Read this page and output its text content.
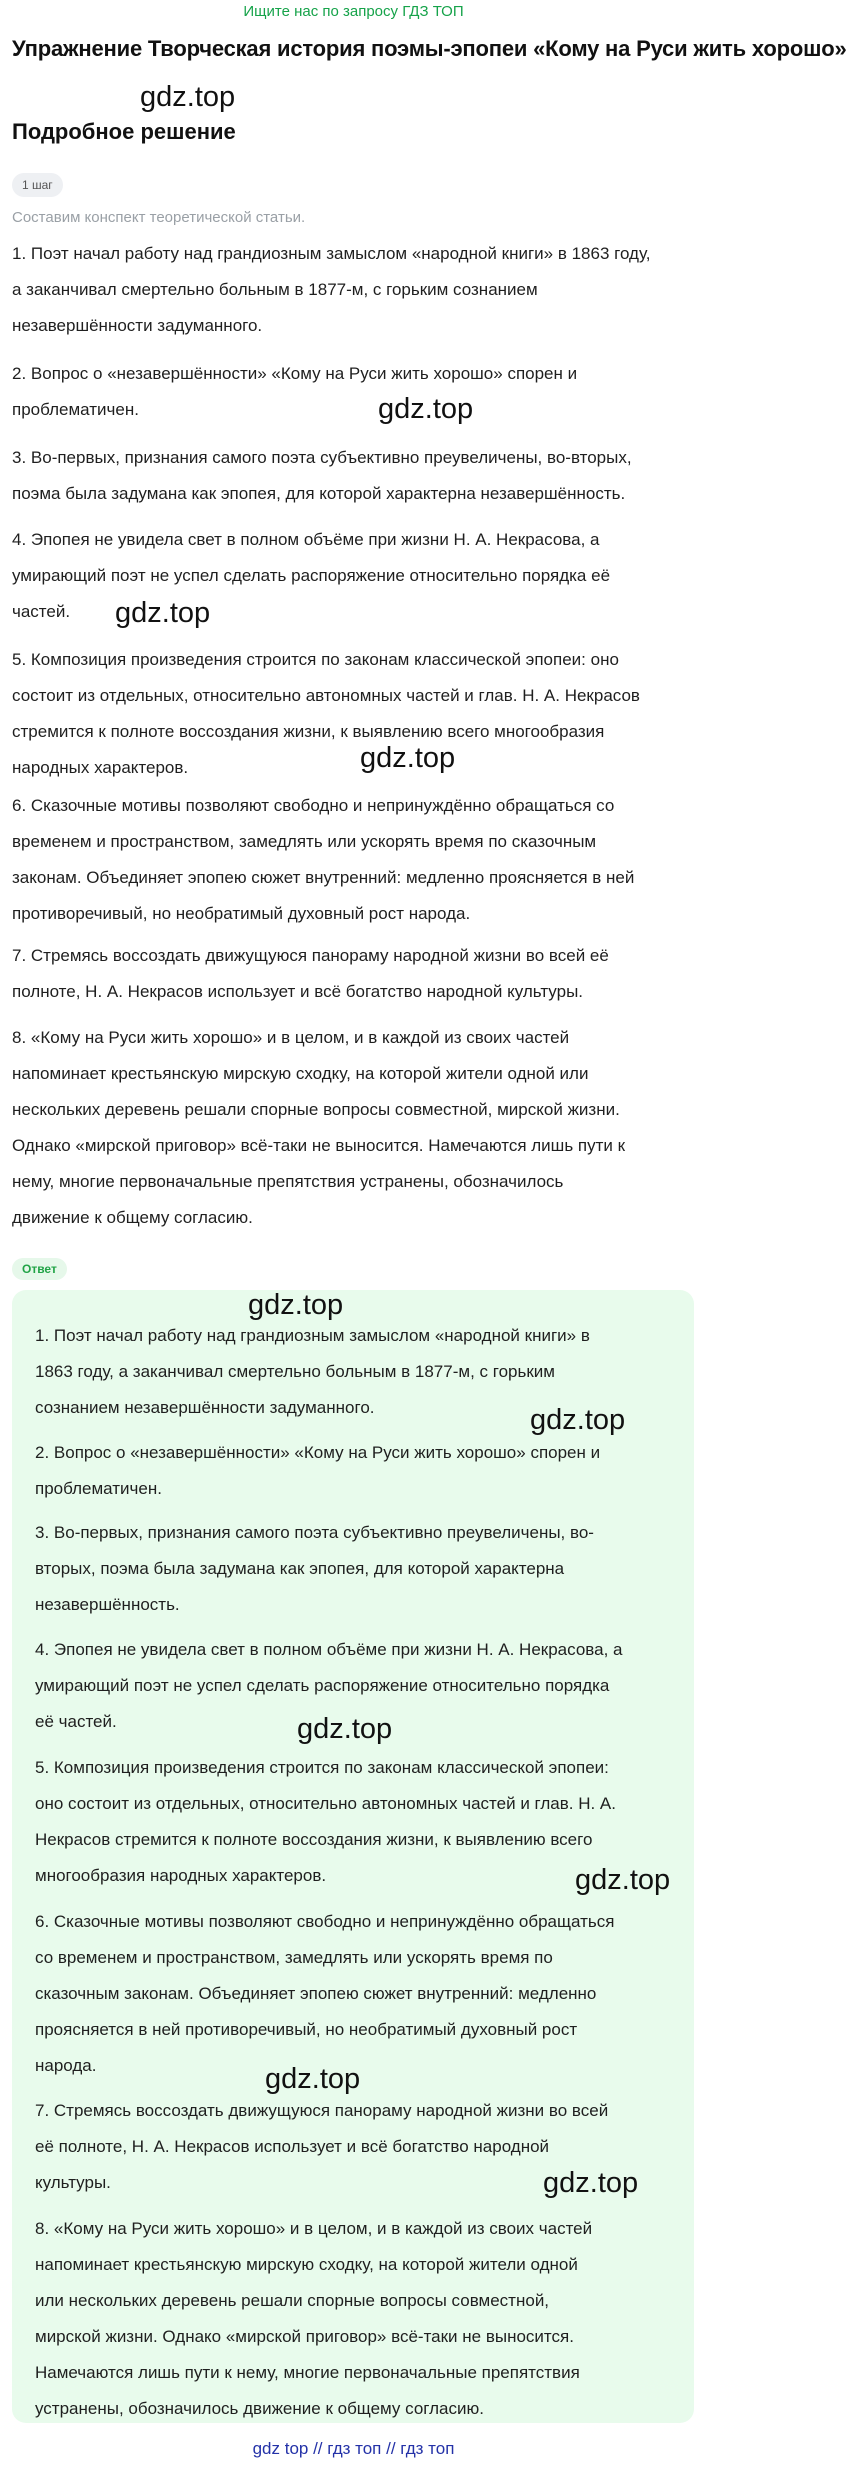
Ищите нас по запросу ГДЗ ТОП
Упражнение Творческая история поэмы-эпопеи «Кому на Руси жить хорошо»
gdz.top
Подробное решение
1 шаг
Составим конспект теоретической статьи.
1. Поэт начал работу над грандиозным замыслом «народной книги» в 1863 году,
а заканчивал смертельно больным в 1877-м, с горьким сознанием
незавершённости задуманного.
2. Вопрос о «незавершённости» «Кому на Руси жить хорошо» спорен и
проблематичен.	gdz.top
3. Во-первых, признания самого поэта субъективно преувеличены, во-вторых,
поэма была задумана как эпопея, для которой характерна незавершённость.
4. Эпопея не увидела свет в полном объёме при жизни Н. А. Некрасова, а
умирающий поэт не успел сделать распоряжение относительно порядка её
частей.	gdz.top
5. Композиция произведения строится по законам классической эпопеи: оно
состоит из отдельных, относительно автономных частей и глав. Н. А. Некрасов
стремится к полноте воссоздания жизни, к выявлению всего многообразия
народных характеров.	gdz.top
6. Сказочные мотивы позволяют свободно и непринуждённо обращаться со
временем и пространством, замедлять или ускорять время по сказочным
законам. Объединяет эпопею сюжет внутренний: медленно проясняется в ней
противоречивый, но необратимый духовный рост народа.
7. Стремясь воссоздать движущуюся панораму народной жизни во всей её
полноте, Н. А. Некрасов использует и всё богатство народной культуры.
8. «Кому на Руси жить хорошо» и в целом, и в каждой из своих частей
напоминает крестьянскую мирскую сходку, на которой жители одной или
нескольких деревень решали спорные вопросы совместной, мирской жизни.
Однако «мирской приговор» всё-таки не выносится. Намечаются лишь пути к
нему, многие первоначальные препятствия устранены, обозначилось
движение к общему согласию.
Ответ
gdz.top
1. Поэт начал работу над грандиозным замыслом «народной книги» в
1863 году, а заканчивал смертельно больным в 1877-м, с горьким
сознанием незавершённости задуманного.	gdz.top
2. Вопрос о «незавершённости» «Кому на Руси жить хорошо» спорен и
проблематичен.
3. Во-первых, признания самого поэта субъективно преувеличены, во-
вторых, поэма была задумана как эпопея, для которой характерна
незавершённость.
4. Эпопея не увидела свет в полном объёме при жизни Н. А. Некрасова, а
умирающий поэт не успел сделать распоряжение относительно порядка
её частей.	gdz.top
5. Композиция произведения строится по законам классической эпопеи:
оно состоит из отдельных, относительно автономных частей и глав. Н. А.
Некрасов стремится к полноте воссоздания жизни, к выявлению всего
многообразия народных характеров.	gdz.top
6. Сказочные мотивы позволяют свободно и непринуждённо обращаться
со временем и пространством, замедлять или ускорять время по
сказочным законам. Объединяет эпопею сюжет внутренний: медленно
проясняется в ней противоречивый, но необратимый духовный рост
народа.	gdz.top
7. Стремясь воссоздать движущуюся панораму народной жизни во всей
её полноте, Н. А. Некрасов использует и всё богатство народной
культуры.	gdz.top
8. «Кому на Руси жить хорошо» и в целом, и в каждой из своих частей
напоминает крестьянскую мирскую сходку, на которой жители одной
или нескольких деревень решали спорные вопросы совместной,
мирской жизни. Однако «мирской приговор» всё-таки не выносится.
Намечаются лишь пути к нему, многие первоначальные препятствия
устранены, обозначилось движение к общему согласию.
gdz top // гдз топ // гдз топ
